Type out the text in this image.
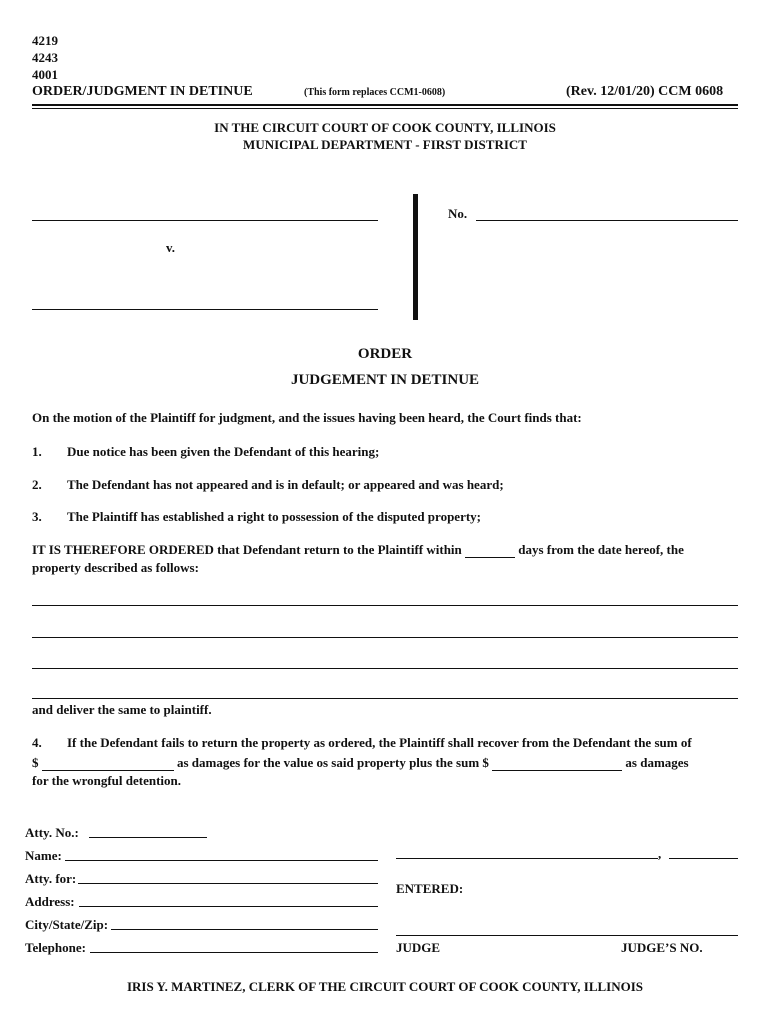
4219
4243
4001
ORDER/JUDGMENT IN DETINUE	(This form replaces CCM1-0608)	(Rev. 12/01/20) CCM 0608
IN THE CIRCUIT COURT OF COOK COUNTY, ILLINOIS
MUNICIPAL DEPARTMENT - FIRST DISTRICT
v.
No.
ORDER
JUDGEMENT IN DETINUE
On the motion of the Plaintiff for judgment, and the issues having been heard, the Court finds that:
1. Due notice has been given the Defendant of this hearing;
2. The Defendant has not appeared and is in default; or appeared and was heard;
3. The Plaintiff has established a right to possession of the disputed property;
IT IS THEREFORE ORDERED that Defendant return to the Plaintiff within	days from the date hereof, the
property described as follows:
and deliver the same to plaintiff.
4. If the Defendant fails to return the property as ordered, the Plaintiff shall recover from the Defendant the sum of
$	as damages for the value os said property plus the sum $	as damages
for the wrongful detention.
Atty. No.:
Name:
Atty. for:
Address:
City/State/Zip:
Telephone:
,
ENTERED:
JUDGE	JUDGE’S NO.
IRIS Y. MARTINEZ, CLERK OF THE CIRCUIT COURT OF COOK COUNTY, ILLINOIS
